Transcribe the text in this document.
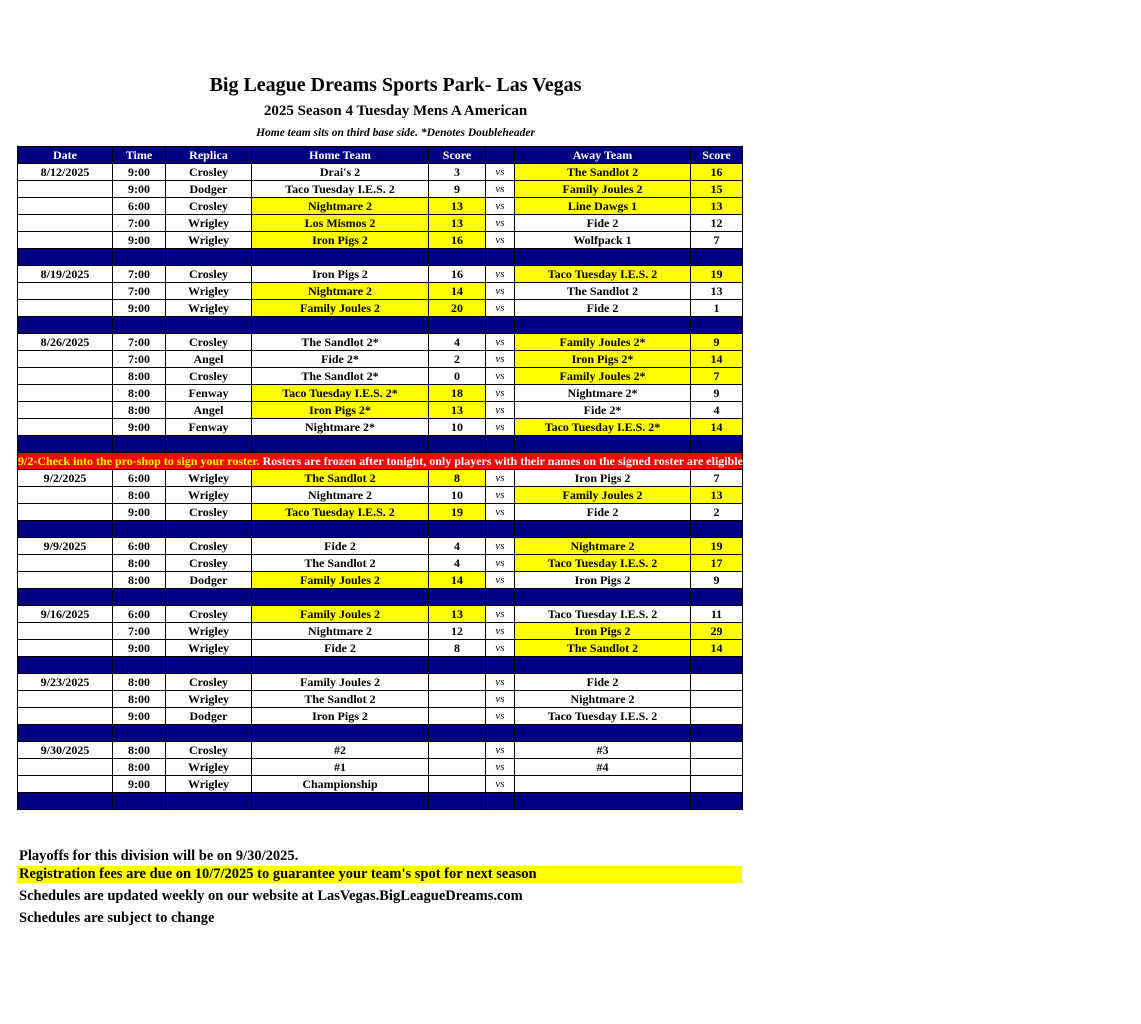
Big League Dreams Sports Park- Las Vegas
2025 Season 4 Tuesday Mens A American
Home team sits on third base side. *Denotes Doubleheader
Date	Time	Replica	Home Team	Score		Away Team	Score
8/12/2025	9:00	Crosley	Drai's 2	3	vs	The Sandlot 2	16
	9:00	Dodger	Taco Tuesday I.E.S. 2	9	vs	Family Joules 2	15
	6:00	Crosley	Nightmare 2	13	vs	Line Dawgs 1	13
	7:00	Wrigley	Los Mismos 2	13	vs	Fide 2	12
	9:00	Wrigley	Iron Pigs 2	16	vs	Wolfpack 1	7

8/19/2025	7:00	Crosley	Iron Pigs 2	16	vs	Taco Tuesday I.E.S. 2	19
	7:00	Wrigley	Nightmare 2	14	vs	The Sandlot 2	13
	9:00	Wrigley	Family Joules 2	20	vs	Fide 2	1

8/26/2025	7:00	Crosley	The Sandlot 2*	4	vs	Family Joules 2*	9
	7:00	Angel	Fide 2*	2	vs	Iron Pigs 2*	14
	8:00	Crosley	The Sandlot 2*	0	vs	Family Joules 2*	7
	8:00	Fenway	Taco Tuesday I.E.S. 2*	18	vs	Nightmare 2*	9
	8:00	Angel	Iron Pigs 2*	13	vs	Fide 2*	4
	9:00	Fenway	Nightmare 2*	10	vs	Taco Tuesday I.E.S. 2*	14

9/2-Check into the pro-shop to sign your roster. Rosters are frozen after tonight, only players with their names on the signed roster are eligible for playoffs. Please check carefully as changes will not be made for omissions.							
9/2/2025	6:00	Wrigley	The Sandlot 2	8	vs	Iron Pigs 2	7
	8:00	Wrigley	Nightmare 2	10	vs	Family Joules 2	13
	9:00	Crosley	Taco Tuesday I.E.S. 2	19	vs	Fide 2	2

9/9/2025	6:00	Crosley	Fide 2	4	vs	Nightmare 2	19
	8:00	Crosley	The Sandlot 2	4	vs	Taco Tuesday I.E.S. 2	17
	8:00	Dodger	Family Joules 2	14	vs	Iron Pigs 2	9

9/16/2025	6:00	Crosley	Family Joules 2	13	vs	Taco Tuesday I.E.S. 2	11
	7:00	Wrigley	Nightmare 2	12	vs	Iron Pigs 2	29
	9:00	Wrigley	Fide 2	8	vs	The Sandlot 2	14

9/23/2025	8:00	Crosley	Family Joules 2		vs	Fide 2	
	8:00	Wrigley	The Sandlot 2		vs	Nightmare 2	
	9:00	Dodger	Iron Pigs 2		vs	Taco Tuesday I.E.S. 2	

9/30/2025	8:00	Crosley	#2		vs	#3	
	8:00	Wrigley	#1		vs	#4	
	9:00	Wrigley	Championship		vs		

Playoffs for this division will be on 9/30/2025.
Registration fees are due on 10/7/2025 to guarantee your team's spot for next season
Schedules are updated weekly on our website at LasVegas.BigLeagueDreams.com
Schedules are subject to change
